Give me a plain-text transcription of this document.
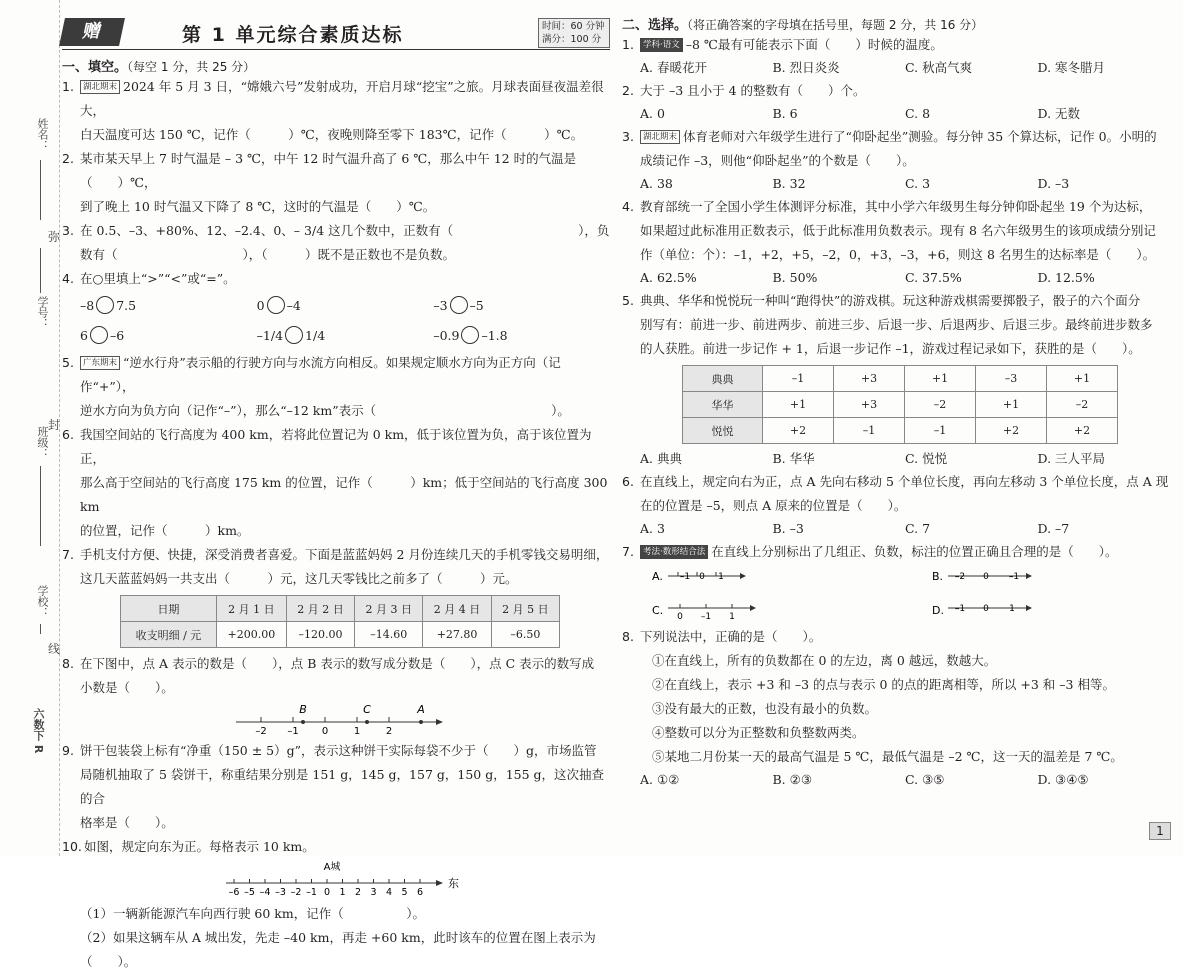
姓名：
弥
学号：
封
班级：
学校：
线
六数下 R
赠	第 1 单元综合素质达标	时间：60 分钟
满分：100 分
一、填空。（每空 1 分，共 25 分）
1. 湖北期末 2024 年 5 月 3 日，“嫦娥六号”发射成功，开启月球“挖宝”之旅。月球表面昼夜温差很大，
白天温度可达 150 ℃，记作（　　　）℃，夜晚则降至零下 183℃，记作（　　　）℃。
2. 某市某天早上 7 时气温是 – 3 ℃，中午 12 时气温升高了 6 ℃，那么中午 12 时的气温是（　　）℃，
到了晚上 10 时气温又下降了 8 ℃，这时的气温是（　　）℃。
3. 在 0.5、–3、+80%、12、–2.4、0、– 3/4 这几个数中，正数有（　　　　　　　　　　），负
数有（　　　　　　　　　　），（　　　）既不是正数也不是负数。
4. 在○里填上“>”“<”或“=”。
–8 7.5	0 –4	–3 –5
6 –6	–1/4 1/4	–0.9 –1.8
5. 广东期末 “逆水行舟”表示船的行驶方向与水流方向相反。如果规定顺水方向为正方向（记作“+”），
逆水方向为负方向（记作“–”），那么“–12 km”表示（　　　　　　　　　　　　　　）。
6. 我国空间站的飞行高度为 400 km，若将此位置记为 0 km，低于该位置为负，高于该位置为正，
那么高于空间站的飞行高度 175 km 的位置，记作（　　　）km；低于空间站的飞行高度 300 km
的位置，记作（　　　）km。
7. 手机支付方便、快捷，深受消费者喜爱。下面是蓝蓝妈妈 2 月份连续几天的手机零钱交易明细，
这几天蓝蓝妈妈一共支出（　　　）元，这几天零钱比之前多了（　　　）元。
日期	2 月 1 日	2 月 2 日	2 月 3 日	2 月 4 日	2 月 5 日
收支明细 / 元	+200.00	–120.00	–14.60	+27.80	–6.50
8. 在下图中，点 A 表示的数是（　　），点 B 表示的数写成分数是（　　），点 C 表示的数写成
小数是（　　）。
–2 –1 0	1	2
B	C	A
9. 饼干包装袋上标有“净重（150 ± 5）g”，表示这种饼干实际每袋不少于（　　）g，市场监管
局随机抽取了 5 袋饼干，称重结果分别是 151 g，145 g，157 g，150 g，155 g，这次抽查的合
格率是（　　）。
10. 如图，规定向东为正。每格表示 10 km。
A城
东
–6 –5 –4 –3 –2 –1 0 1 2 3 4 5 6
（1）一辆新能源汽车向西行驶 60 km，记作（　　　　　）。
（2）如果这辆车从 A 城出发，先走 –40 km，再走 +60 km，此时该车的位置在图上表示为（　　）。
二、选择。（将正确答案的字母填在括号里，每题 2 分，共 16 分）
1. 学科·语文 –8 ℃最有可能表示下面（　　）时候的温度。
A. 春暖花开	B. 烈日炎炎	C. 秋高气爽	D. 寒冬腊月
2. 大于 –3 且小于 4 的整数有（　　）个。
A. 0	B. 6	C. 8	D. 无数
3. 湖北期末 体育老师对六年级学生进行了“仰卧起坐”测验。每分钟 35 个算达标，记作 0。小明的
成绩记作 –3，则他“仰卧起坐”的个数是（　　）。
A. 38	B. 32	C. 3	D. –3
4. 教育部统一了全国小学生体测评分标准，其中小学六年级男生每分钟仰卧起坐 19 个为达标，
如果超过此标准用正数表示，低于此标准用负数表示。现有 8 名六年级男生的该项成绩分别记
作（单位：个）：–1，+2，+5，–2，0，+3，–3，+6，则这 8 名男生的达标率是（　　）。
A. 62.5%	B. 50%	C. 37.5%	D. 12.5%
5. 典典、华华和悦悦玩一种叫“跑得快”的游戏棋。玩这种游戏棋需要掷骰子，骰子的六个面分
别写有：前进一步、前进两步、前进三步、后退一步、后退两步、后退三步。最终前进步数多
的人获胜。前进一步记作 + 1，后退一步记作 –1，游戏过程记录如下，获胜的是（　　）。
典典	–1	+3	+1	–3	+1
华华	+1	+3	–2	+1	–2
悦悦	+2	–1	–1	+2	+2
A. 典典	B. 华华	C. 悦悦	D. 三人平局
6. 在直线上，规定向右为正，点 A 先向右移动 5 个单位长度，再向左移动 3 个单位长度，点 A 现
在的位置是 –5，则点 A 原来的位置是（　　）。
A. 3	B. –3	C. 7	D. –7
7. 考法·数形结合法 在直线上分别标出了几组正、负数，标注的位置正确且合理的是（　　）。
A. –1 0 1	B. –2 0 –1
C. 0 –1 1	D. –1 0 1
8. 下列说法中，正确的是（　　）。
①在直线上，所有的负数都在 0 的左边，离 0 越远，数越大。
②在直线上，表示 +3 和 –3 的点与表示 0 的点的距离相等，所以 +3 和 –3 相等。
③没有最大的正数，也没有最小的负数。
④整数可以分为正整数和负整数两类。
⑤某地二月份某一天的最高气温是 5 ℃，最低气温是 –2 ℃，这一天的温差是 7 ℃。
A. ①②	B. ②③	C. ③⑤	D. ③④⑤
1
